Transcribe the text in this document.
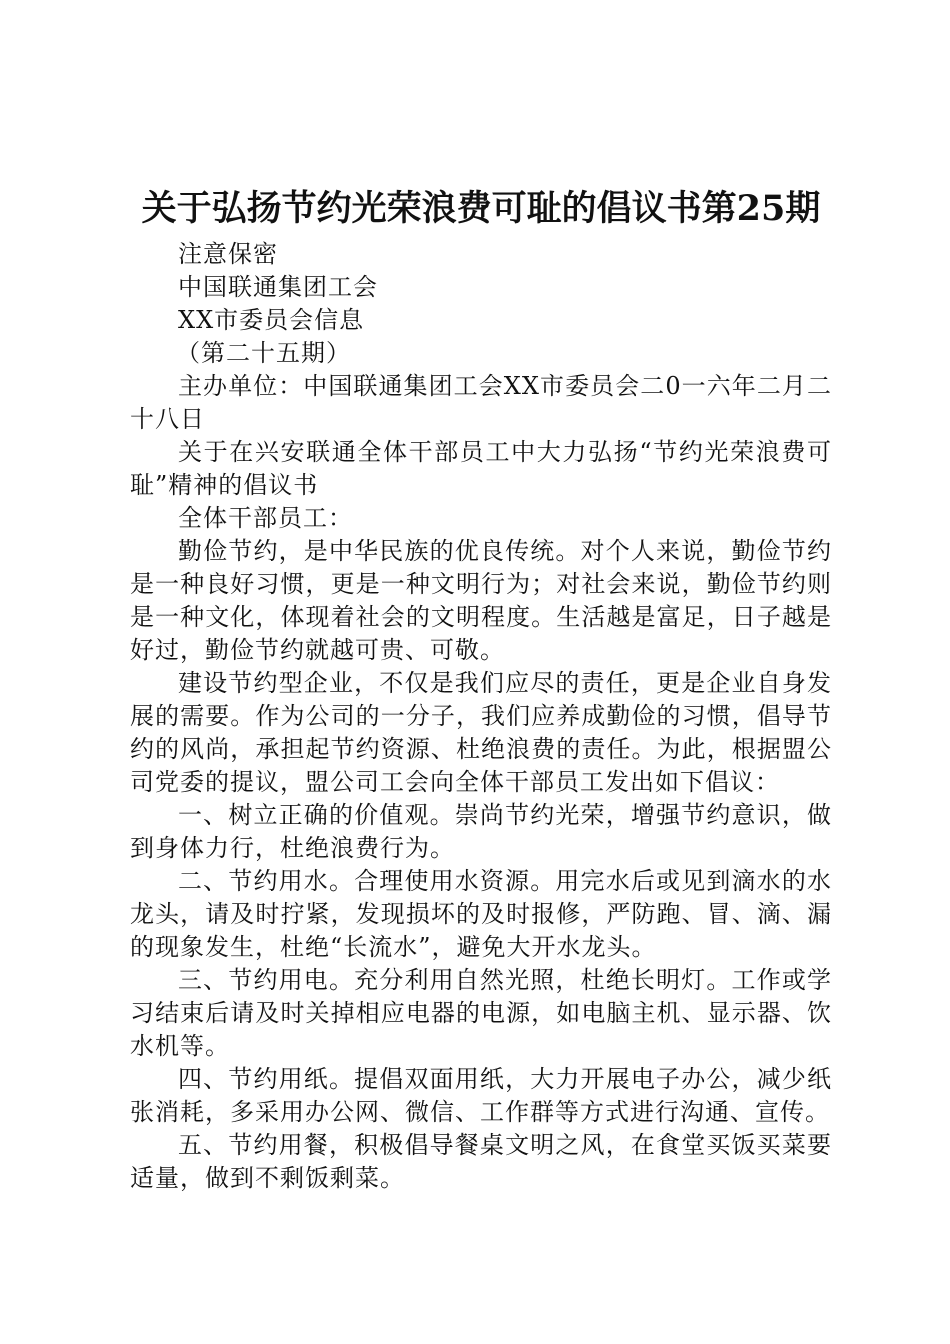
关于弘扬节约光荣浪费可耻的倡议书第25期

注意保密

中国联通集团工会

XX市委员会信息

（第二十五期）

主办单位：中国联通集团工会XX市委员会二0一六年二月二十八日

关于在兴安联通全体干部员工中大力弘扬“节约光荣浪费可耻”精神的倡议书

全体干部员工：

勤俭节约，是中华民族的优良传统。对个人来说，勤俭节约是一种良好习惯，更是一种文明行为；对社会来说，勤俭节约则是一种文化，体现着社会的文明程度。生活越是富足，日子越是好过，勤俭节约就越可贵、可敬。

建设节约型企业，不仅是我们应尽的责任，更是企业自身发展的需要。作为公司的一分子，我们应养成勤俭的习惯，倡导节约的风尚，承担起节约资源、杜绝浪费的责任。为此，根据盟公司党委的提议，盟公司工会向全体干部员工发出如下倡议：

一、树立正确的价值观。崇尚节约光荣，增强节约意识，做到身体力行，杜绝浪费行为。

二、节约用水。合理使用水资源。用完水后或见到滴水的水龙头，请及时拧紧，发现损坏的及时报修，严防跑、冒、滴、漏的现象发生，杜绝“长流水”，避免大开水龙头。

三、节约用电。充分利用自然光照，杜绝长明灯。工作或学习结束后请及时关掉相应电器的电源，如电脑主机、显示器、饮水机等。

四、节约用纸。提倡双面用纸，大力开展电子办公，减少纸张消耗，多采用办公网、微信、工作群等方式进行沟通、宣传。

五、节约用餐，积极倡导餐桌文明之风，在食堂买饭买菜要适量，做到不剩饭剩菜。
